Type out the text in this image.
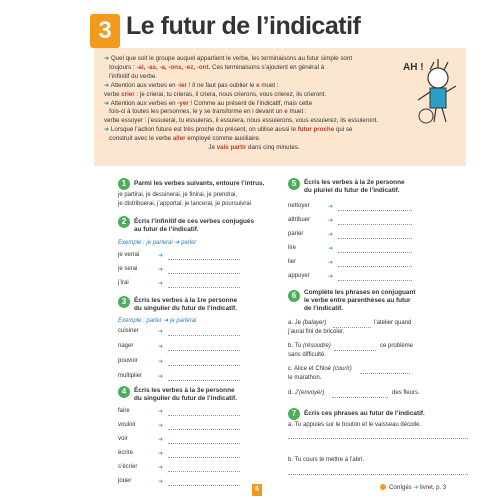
3 Le futur de l’indicatif

➜ Quel que soit le groupe auquel appartient le verbe, les terminaisons au futur simple sont

toujours : -ai, -as, -a, -ons, -ez, -ont. Ces terminaisons s’ajoutent en général à

l’infinitif du verbe.

➜ Attention aux verbes en -ier ! Il ne faut pas oublier le e muet :

verbe crier : je crierai, tu crieras, il criera, nous crierons, vous crierez, ils crieront.

➜ Attention aux verbes en -yer ! Comme au présent de l’indicatif, mais cette

fois-ci à toutes les personnes, le y se transforme en i devant un e muet :

verbe essuyer : j’essuierai, tu essuieras, il essuiera, nous essuierons, vous essuierez, ils essuieront.

➜ Lorsque l’action future est très proche du présent, on utilise aussi le futur proche qui se

construit avec le verbe aller employé comme auxiliaire.

Je vais partir dans cinq minutes.

AH !
1	Parmi les verbes suivants, entoure l’intrus.
je partirai, je dessinerai, je finirai, je prendrai,
je distribuerai, j’apportai, je lancerai, je poursuivrai
2	Écris l’infinitif de ces verbes conjugués
au futur de l’indicatif.
Exemple : je parlerai ➜ parler
3	Écris les verbes à la 1re personne
du singulier du futur de l’indicatif.
Exemple : parler ➜ je parlerai
4	Écris les verbes à la 3e personne
du singulier du futur de l’indicatif.
5	Écris les verbes à la 2e personne
du pluriel du futur de l’indicatif.
6	Complète les phrases en conjuguant
le verbe entre parenthèses au futur
de l’indicatif.
a. Je (balayer)	l’atelier quand
j’aurai fini de bricoler.
b. Tu (résoudre)	ce problème
sans difficulté.
c. Alice et Chloé (courir)
le marathon.
d. J’(envoyer)	des fleurs.
7	Écris ces phrases au futur de l’indicatif.
a. Tu appuies sur le bouton et le vaisseau décolle.
b. Tu cours te mettre à l’abri.
6	Corrigés ➜ livret, p. 3
je verrai	➜
je serai	➜
j’irai	➜
cuisiner	➜
nager	➜
pouvoir	➜
multiplier	➜
faire	➜
vouloir	➜
voir	➜
écrire	➜
s’écrier	➜
jouer	➜
nettoyer	➜
attribuer	➜
parier	➜
lire	➜
lier	➜
appuyer	➜
